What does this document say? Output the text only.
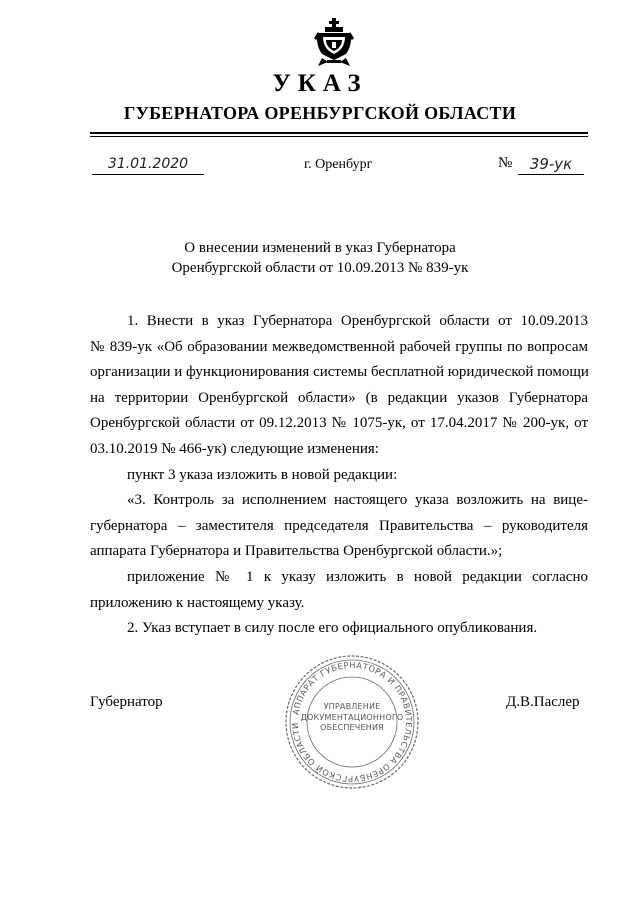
УКАЗ
ГУБЕРНАТОРА ОРЕНБУРГСКОЙ ОБЛАСТИ
31.01.2020	г. Оренбург	№	39-ук
О внесении изменений в указ Губернатора
Оренбургской области от 10.09.2013 № 839-ук
1. Внести в указ Губернатора Оренбургской области от 10.09.2013
№ 839-ук «Об образовании межведомственной рабочей группы по вопросам
организации и функционирования системы бесплатной юридической помощи
на территории Оренбургской области» (в редакции указов Губернатора
Оренбургской области от 09.12.2013 № 1075-ук, от 17.04.2017 № 200-ук, от
03.10.2019 № 466-ук) следующие изменения:
пункт 3 указа изложить в новой редакции:
«3. Контроль за исполнением настоящего указа возложить на вице-
губернатора – заместителя председателя Правительства – руководителя
аппарата Губернатора и Правительства Оренбургской области.»;
приложение № 1 к указу изложить в новой редакции согласно
приложению к настоящему указу.
2. Указ вступает в силу после его официального опубликования.
Губернатор	Д.В.Паслер
АППАРАТ ГУБЕРНАТОРА И ПРАВИТЕЛЬСТВА ОРЕНБУРГСКОЙ ОБЛАСТИ
УПРАВЛЕНИЕ
ДОКУМЕНТАЦИОННОГО
ОБЕСПЕЧЕНИЯ
